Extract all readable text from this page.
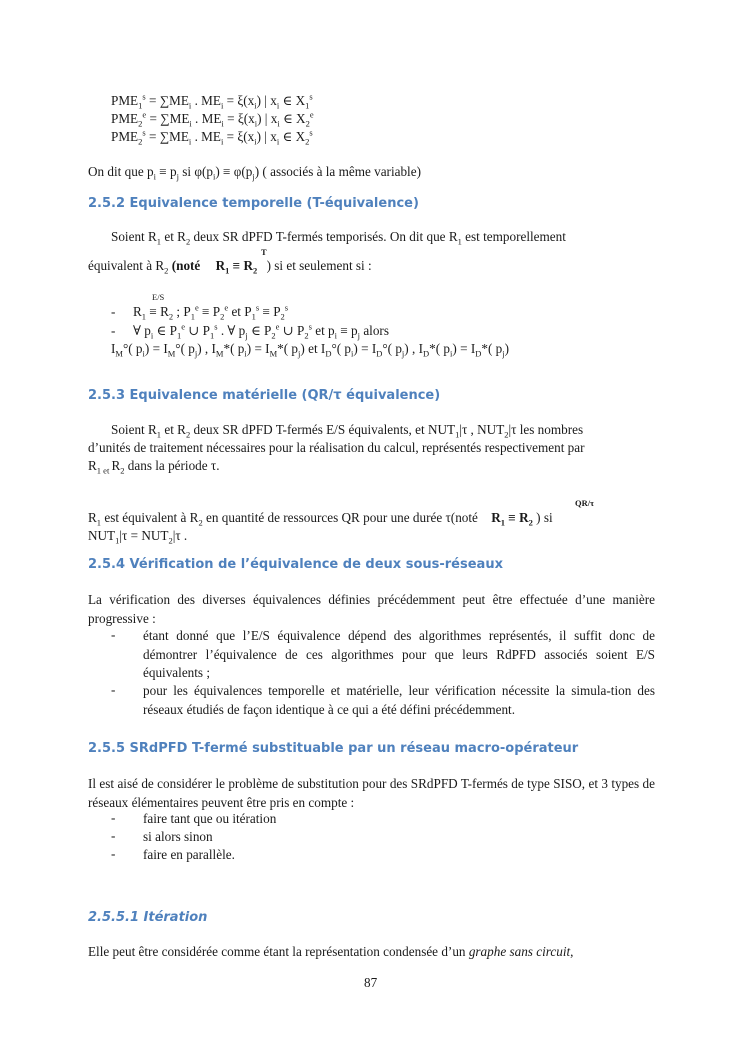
$PME_1^s = \sum ME_i$ . $ME_i = \xi(x_i)$ | $x_i$ ∈ $X_1^s$
$PME_2^e = \sum ME_i$ . $ME_i = \xi(x_i)$ | $x_i$ ∈ $X_2^e$
$PME_2^s = \sum ME_i$ . $ME_i = \xi(x_i)$ | $x_i$ ∈ $X_2^s$
On dit que $p_i \equiv p_j$ si $\varphi(p_i) \equiv \varphi(p_j)$ ( associés à la même variable)
2.5.2 Equivalence temporelle (T-équivalence)
Soient $R_1$ et $R_2$ deux SR dPFD T-fermés temporisés. On dit que $R_1$ est temporellement
T
équivalent à $R_2$ (noté $R_1 \equiv R_2$ ) si et seulement si :
E/S
- $R_1 \equiv R_2$ ; $P_1^e \equiv P_2^e$ et $P_1^s \equiv P_2^s$
- ∀ $p_i$ ∈ $P_1^e$ ∪ $P_1^s$ . ∀ $p_j$ ∈ $P_2^e$ ∪ $P_2^s$ et $p_i \equiv p_j$ alors
$I_M^\circ$( $p_i) = I_M^\circ$( $p_j$) , $I_M*$( $p_i) = I_M*$( $p_j$) et $I_D^\circ$( $p_i) = I_D^\circ$( $p_j$) , $I_D*$( $p_i) = I_D*$( $p_j$)
2.5.3 Equivalence matérielle (QR/τ équivalence)
Soient $R_1$ et $R_2$ deux SR dPFD T-fermés E/S équivalents, et $NUT_1|\tau$ , $NUT_2|\tau$ les nombres
d’unités de traitement nécessaires pour la réalisation du calcul, représentés respectivement par
$R_{1 et}$ $R_2$ dans la période τ.
QR/τ
$R_1$ est équivalent à $R_2$ en quantité de ressources QR pour une durée τ(noté $R_1 \equiv R_2$ ) si
$NUT_1|\tau = NUT_2|\tau$ .
2.5.4 Vérification de l’équivalence de deux sous-réseaux
La vérification des diverses équivalences définies précédemment peut être effectuée d’une manière progressive :
- étant donné que l’E/S équivalence dépend des algorithmes représentés, il suffit donc de démontrer l’équivalence de ces algorithmes pour que leurs RdPFD associés soient E/S équivalents ;
- pour les équivalences temporelle et matérielle, leur vérification nécessite la simula-tion des réseaux étudiés de façon identique à ce qui a été défini précédemment.
2.5.5 SRdPFD T-fermé substituable par un réseau macro-opérateur
Il est aisé de considérer le problème de substitution pour des SRdPFD T-fermés de type SISO, et 3 types de réseaux élémentaires peuvent être pris en compte :
- faire tant que ou itération
- si alors sinon
- faire en parallèle.
2.5.5.1 Itération
Elle peut être considérée comme étant la représentation condensée d’un graphe sans circuit,
87
